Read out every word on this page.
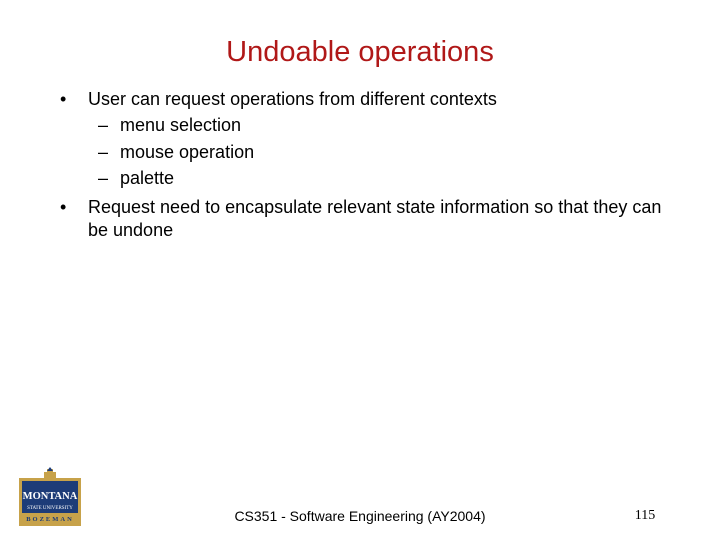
Undoable operations
• User can request operations from different contexts
– menu selection
– mouse operation
– palette
• Request need to encapsulate relevant state information so that they can be undone
MONTANA
STATE UNIVERSITY
BOZEMAN	CS351 - Software Engineering (AY2004)	115
